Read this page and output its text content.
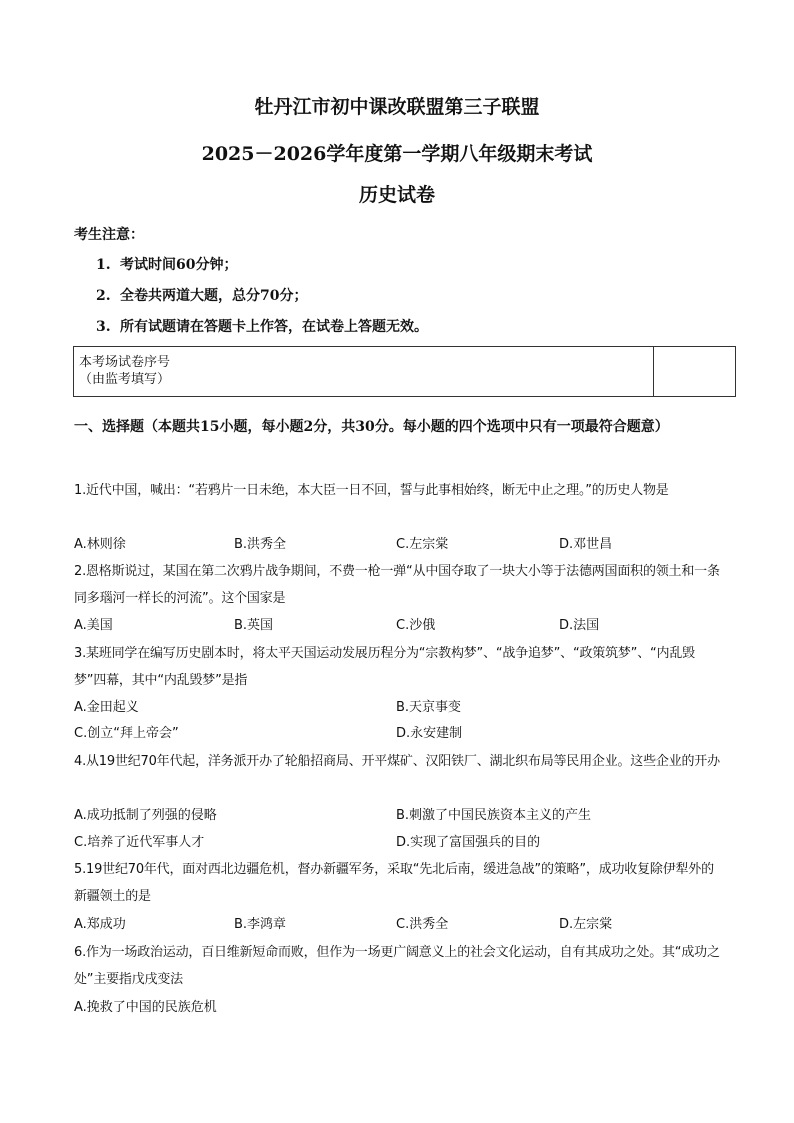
牡丹江市初中课改联盟第三子联盟
2025－2026学年度第一学期八年级期末考试
历史试卷
考生注意：
1. 考试时间60分钟；
2. 全卷共两道大题，总分70分；
3. 所有试题请在答题卡上作答，在试卷上答题无效。
本考场试卷序号
（由监考填写）
一、选择题（本题共15小题，每小题2分，共30分。每小题的四个选项中只有一项最符合题意）
1.近代中国，喊出：“若鸦片一日未绝，本大臣一日不回，誓与此事相始终，断无中止之理。”的历史人物是
A.林则徐	B.洪秀全	C.左宗棠	D.邓世昌
2.恩格斯说过，某国在第二次鸦片战争期间，不费一枪一弹“从中国夺取了一块大小等于法德两国面积的领土和一条同多瑙河一样长的河流”。这个国家是
A.美国	B.英国	C.沙俄	D.法国
3.某班同学在编写历史剧本时，将太平天国运动发展历程分为“宗教构梦”、“战争追梦”、“政策筑梦”、“内乱毁梦”四幕，其中“内乱毁梦”是指
A.金田起义	B.天京事变
C.创立“拜上帝会”	D.永安建制
4.从19世纪70年代起，洋务派开办了轮船招商局、开平煤矿、汉阳铁厂、湖北织布局等民用企业。这些企业的开办
A.成功抵制了列强的侵略	B.刺激了中国民族资本主义的产生
C.培养了近代军事人才	D.实现了富国强兵的目的
5.19世纪70年代，面对西北边疆危机，督办新疆军务，采取“先北后南，缓进急战”的策略”，成功收复除伊犁外的新疆领土的是
A.郑成功	B.李鸿章	C.洪秀全	D.左宗棠
6.作为一场政治运动，百日维新短命而败，但作为一场更广阔意义上的社会文化运动，自有其成功之处。其“成功之处”主要指戊戌变法
A.挽救了中国的民族危机
